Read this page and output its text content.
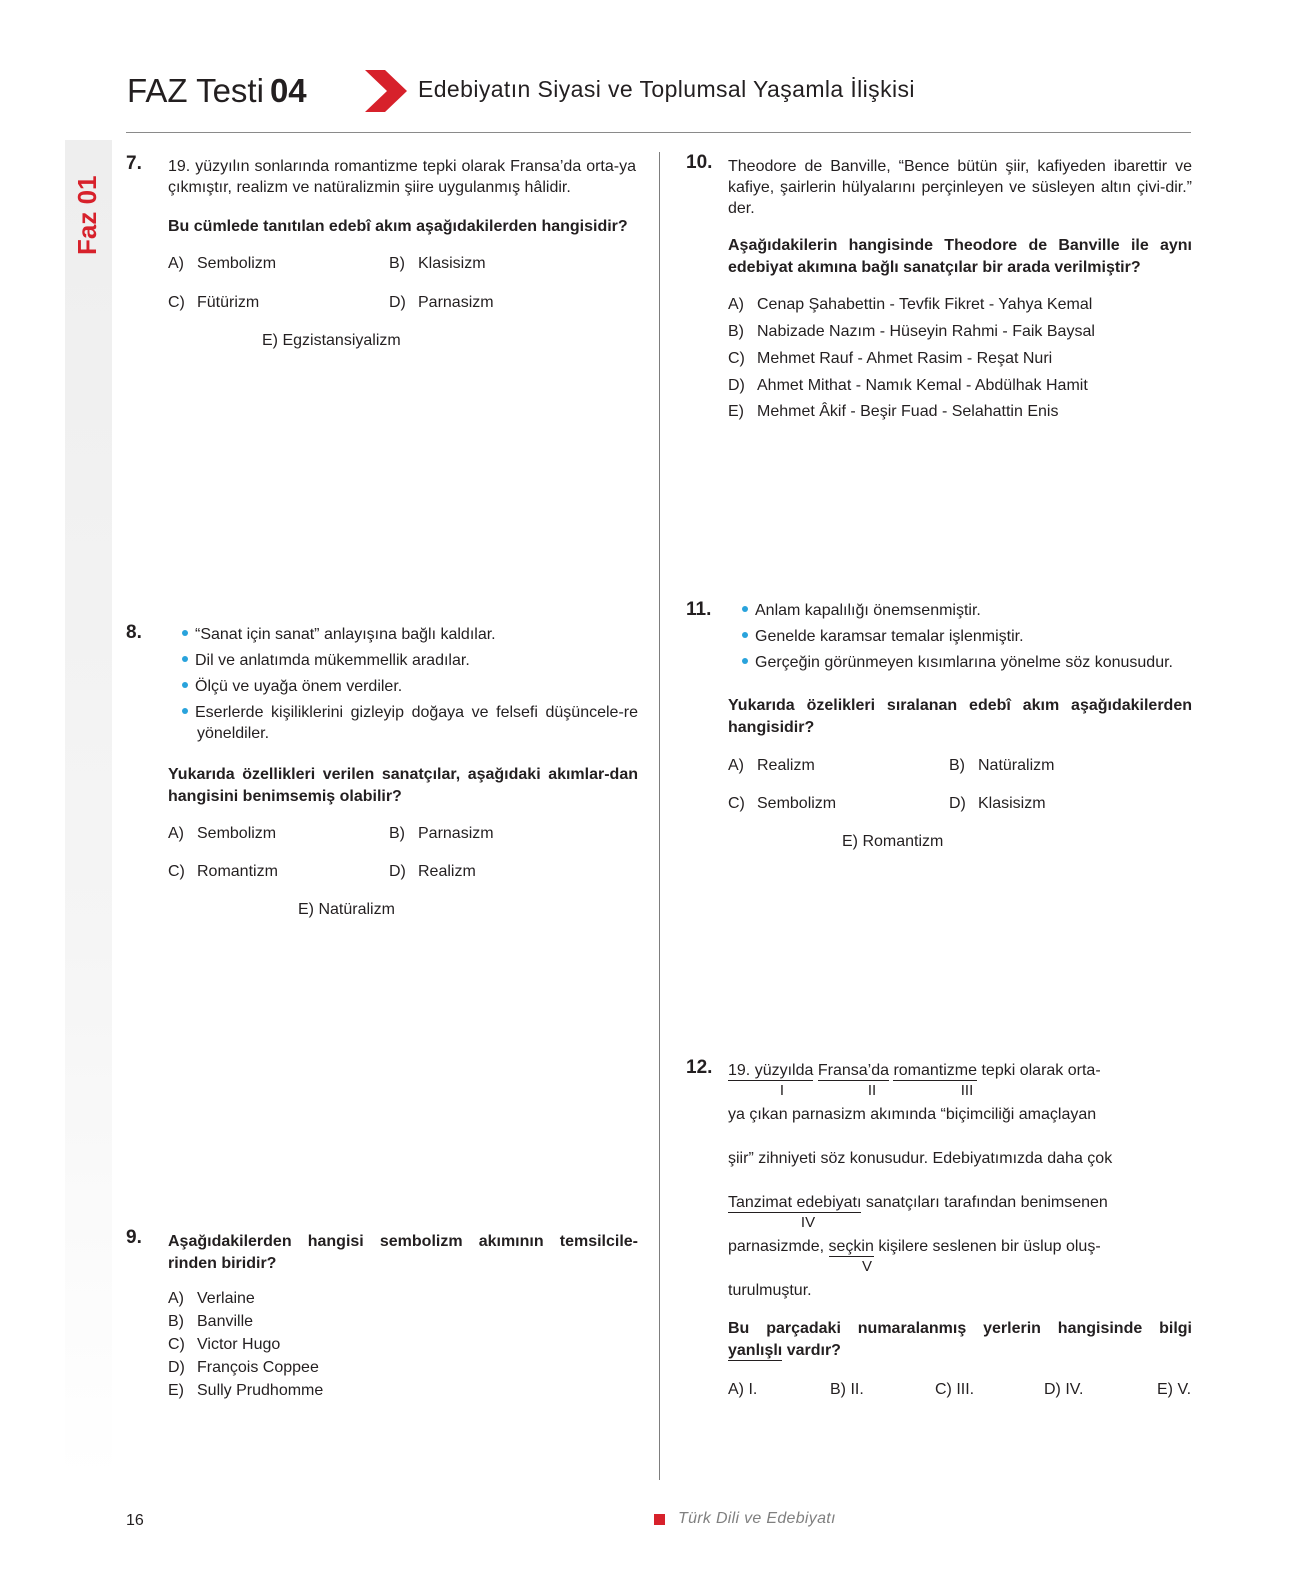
FAZ Testi 04	Edebiyatın Siyasi ve Toplumsal Yaşamla İlişkisi
Faz 01
7. 19. yüzyılın sonlarında romantizme tepki olarak Fransa’da orta-ya çıkmıştır, realizm ve natüralizmin şiire uygulanmış hâlidir.
Bu cümlede tanıtılan edebî akım aşağıdakilerden hangisidir?
A) Sembolizm	B) Klasisizm
C) Fütürizm	D) Parnasizm
E) Egzistansiyalizm
8.	“Sanat için sanat” anlayışına bağlı kaldılar.
Dil ve anlatımda mükemmellik aradılar.
Ölçü ve uyağa önem verdiler.
Eserlerde kişiliklerini gizleyip doğaya ve felsefi düşüncele-re yöneldiler.
Yukarıda özellikleri verilen sanatçılar, aşağıdaki akımlar-dan hangisini benimsemiş olabilir?
A) Sembolizm	B) Parnasizm
C) Romantizm	D) Realizm
E) Natüralizm
9. Aşağıdakilerden hangisi sembolizm akımının temsilcile-rinden biridir?
A) Verlaine
B) Banville
C) Victor Hugo
D) François Coppee
E) Sully Prudhomme
10. Theodore de Banville, “Bence bütün şiir, kafiyeden ibarettir ve kafiye, şairlerin hülyalarını perçinleyen ve süsleyen altın çivi-dir.” der.
Aşağıdakilerin hangisinde Theodore de Banville ile aynı edebiyat akımına bağlı sanatçılar bir arada verilmiştir?
A) Cenap Şahabettin - Tevfik Fikret - Yahya Kemal
B) Nabizade Nazım - Hüseyin Rahmi - Faik Baysal
C) Mehmet Rauf - Ahmet Rasim - Reşat Nuri
D) Ahmet Mithat - Namık Kemal - Abdülhak Hamit
E) Mehmet Âkif - Beşir Fuad - Selahattin Enis
11.	Anlam kapalılığı önemsenmiştir.
Genelde karamsar temalar işlenmiştir.
Gerçeğin görünmeyen kısımlarına yönelme söz konusudur.
Yukarıda özelikleri sıralanan edebî akım aşağıdakilerden hangisidir?
A) Realizm	B) Natüralizm
C) Sembolizm	D) Klasisizm
E) Romantizm
12. 19. yüzyılda Fransa’da romantizme tepki olarak orta-
I	II	III
ya çıkan parnasizm akımında “biçimciliği amaçlayan
şiir” zihniyeti söz konusudur. Edebiyatımızda daha çok
Tanzimat edebiyatı sanatçıları tarafından benimsenen
IV
parnasizmde, seçkin kişilere seslenen bir üslup oluş-
V
turulmuştur.
Bu parçadaki numaralanmış yerlerin hangisinde bilgi
yanlışlı vardır?
A) I.	B) II.	C) III.	D) IV.	E) V.
16	Türk Dili ve Edebiyatı
